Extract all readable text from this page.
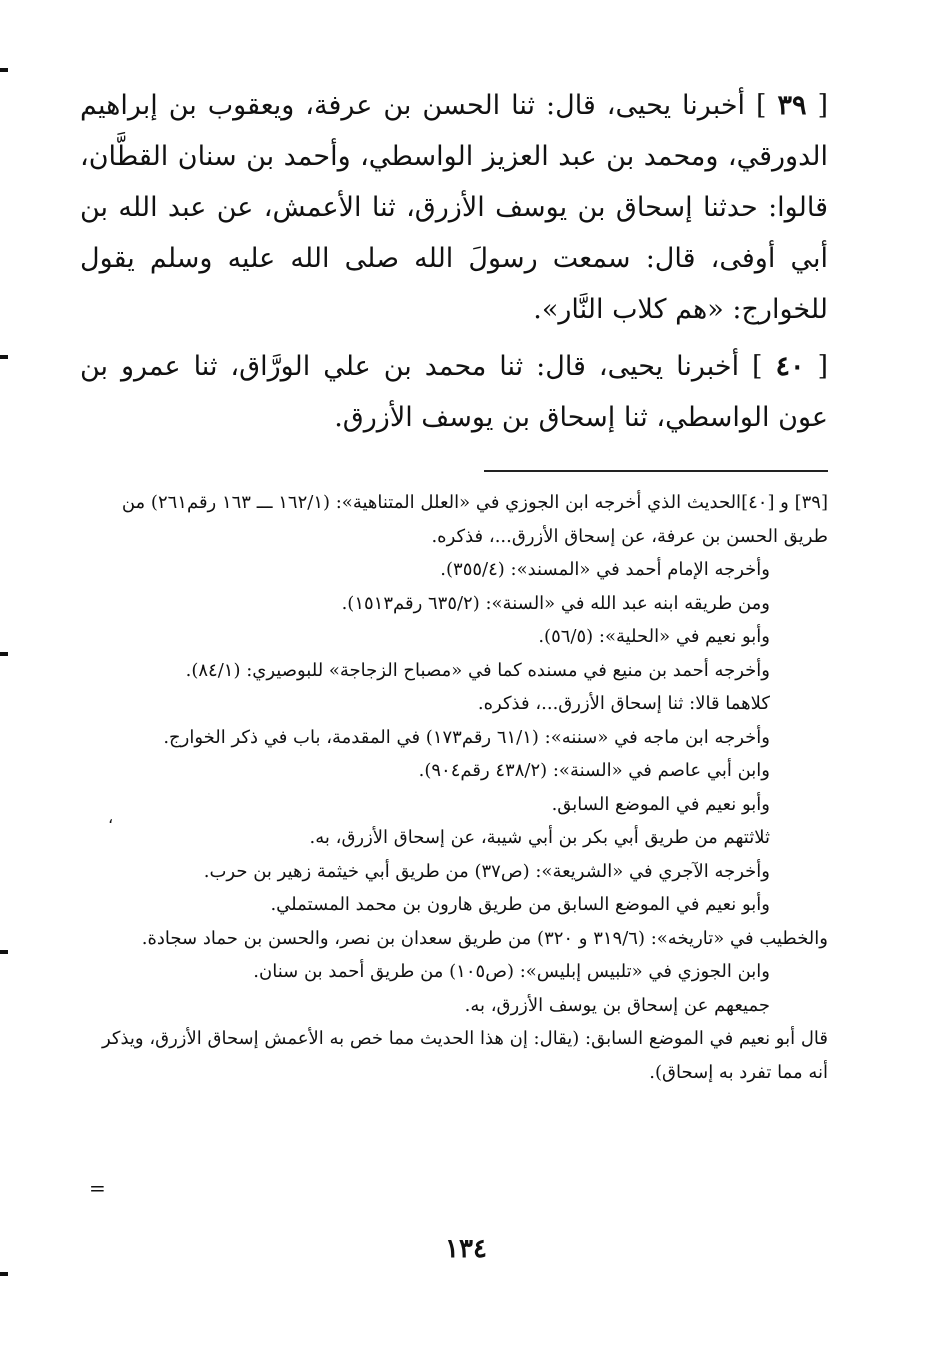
[ ٣٩ ] أخبرنا يحيى، قال: ثنا الحسن بن عرفة، ويعقوب بن إبراهيم الدورقي، ومحمد بن عبد العزيز الواسطي، وأحمد بن سنان القطَّان، قالوا: حدثنا إسحاق بن يوسف الأزرق، ثنا الأعمش، عن عبد الله بن أبي أوفى، قال: سمعت رسولَ الله صلى الله عليه وسلم يقول للخوارج: «هم كلاب النَّار».

[ ٤٠ ] أخبرنا يحيى، قال: ثنا محمد بن علي الورَّاق، ثنا عمرو بن عون الواسطي، ثنا إسحاق بن يوسف الأزرق.

[٣٩] و [٤٠]الحديث الذي أخرجه ابن الجوزي في «العلل المتناهية»: (١٦٢/١ ـــ ١٦٣ رقم٢٦١) من طريق الحسن بن عرفة، عن إسحاق الأزرق...، فذكره.

وأخرجه الإمام أحمد في «المسند»: (٣٥٥/٤).

ومن طريقه ابنه عبد الله في «السنة»: (٦٣٥/٢ رقم١٥١٣).

وأبو نعيم في «الحلية»: (٥٦/٥).

وأخرجه أحمد بن منيع في مسنده كما في «مصباح الزجاجة» للبوصيري: (٨٤/١).

كلاهما قالا: ثنا إسحاق الأزرق...، فذكره.

وأخرجه ابن ماجه في «سننه»: (٦١/١ رقم١٧٣) في المقدمة، باب في ذكر الخوارج.

وابن أبي عاصم في «السنة»: (٤٣٨/٢ رقم٩٠٤).

وأبو نعيم في الموضع السابق.

ثلاثتهم من طريق أبي بكر بن أبي شيبة، عن إسحاق الأزرق، به.

وأخرجه الآجري في «الشريعة»: (ص٣٧) من طريق أبي خيثمة زهير بن حرب.

وأبو نعيم في الموضع السابق من طريق هارون بن محمد المستملي.

والخطيب في «تاريخه»: (٣١٩/٦ و ٣٢٠) من طريق سعدان بن نصر، والحسن بن حماد سجادة.

وابن الجوزي في «تلبيس إبليس»: (ص١٠٥) من طريق أحمد بن سنان.

جميعهم عن إسحاق بن يوسف الأزرق، به.

قال أبو نعيم في الموضع السابق: (يقال: إن هذا الحديث مما خص به الأعمش إسحاق الأزرق، ويذكر أنه مما تفرد به إسحاق).

=
،
١٣٤
